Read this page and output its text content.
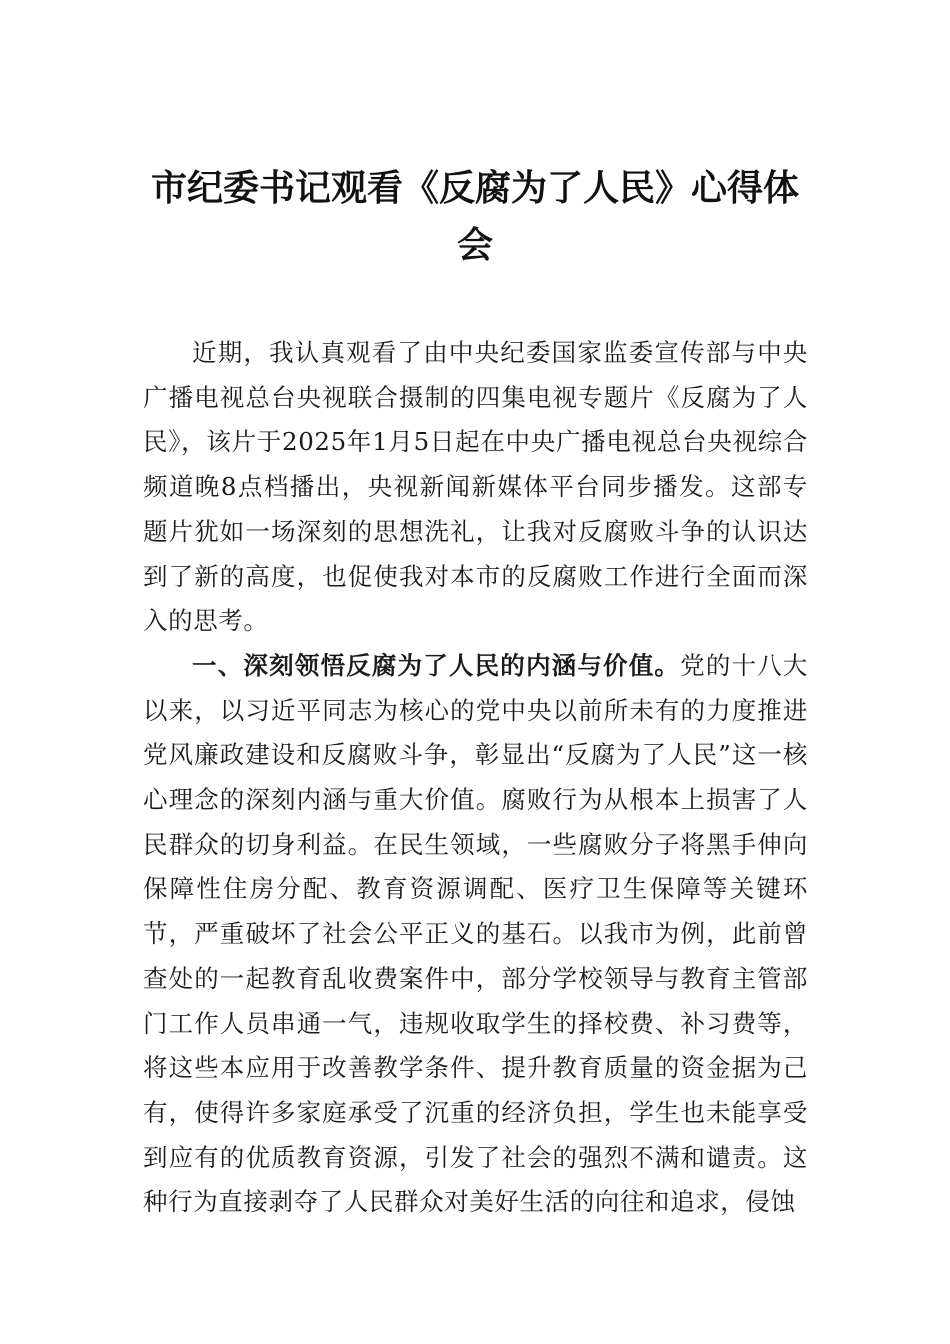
市纪委书记观看《反腐为了人民》心得体会

近期，我认真观看了由中央纪委国家监委宣传部与中央广播电视总台央视联合摄制的四集电视专题片《反腐为了人民》，该片于2025年1月5日起在中央广播电视总台央视综合频道晚8点档播出，央视新闻新媒体平台同步播发。这部专题片犹如一场深刻的思想洗礼，让我对反腐败斗争的认识达到了新的高度，也促使我对本市的反腐败工作进行全面而深入的思考。

一、深刻领悟反腐为了人民的内涵与价值。党的十八大以来，以习近平同志为核心的党中央以前所未有的力度推进党风廉政建设和反腐败斗争，彰显出“反腐为了人民”这一核心理念的深刻内涵与重大价值。腐败行为从根本上损害了人民群众的切身利益。在民生领域，一些腐败分子将黑手伸向保障性住房分配、教育资源调配、医疗卫生保障等关键环节，严重破坏了社会公平正义的基石。以我市为例，此前曾查处的一起教育乱收费案件中，部分学校领导与教育主管部门工作人员串通一气，违规收取学生的择校费、补习费等，将这些本应用于改善教学条件、提升教育质量的资金据为己有，使得许多家庭承受了沉重的经济负担，学生也未能享受到应有的优质教育资源，引发了社会的强烈不满和谴责。这种行为直接剥夺了人民群众对美好生活的向往和追求，侵蚀
